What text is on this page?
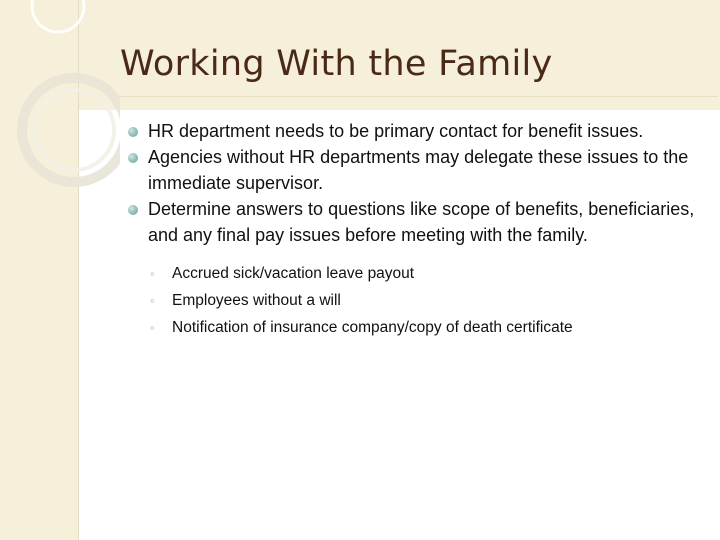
Working With the Family
HR department needs to be primary contact for benefit issues.
Agencies without HR departments may delegate these issues to the immediate supervisor.
Determine answers to questions like scope of benefits, beneficiaries, and any final pay issues before meeting with the family.
◦ Accrued sick/vacation leave payout
◦ Employees without a will
◦ Notification of insurance company/copy of death certificate
